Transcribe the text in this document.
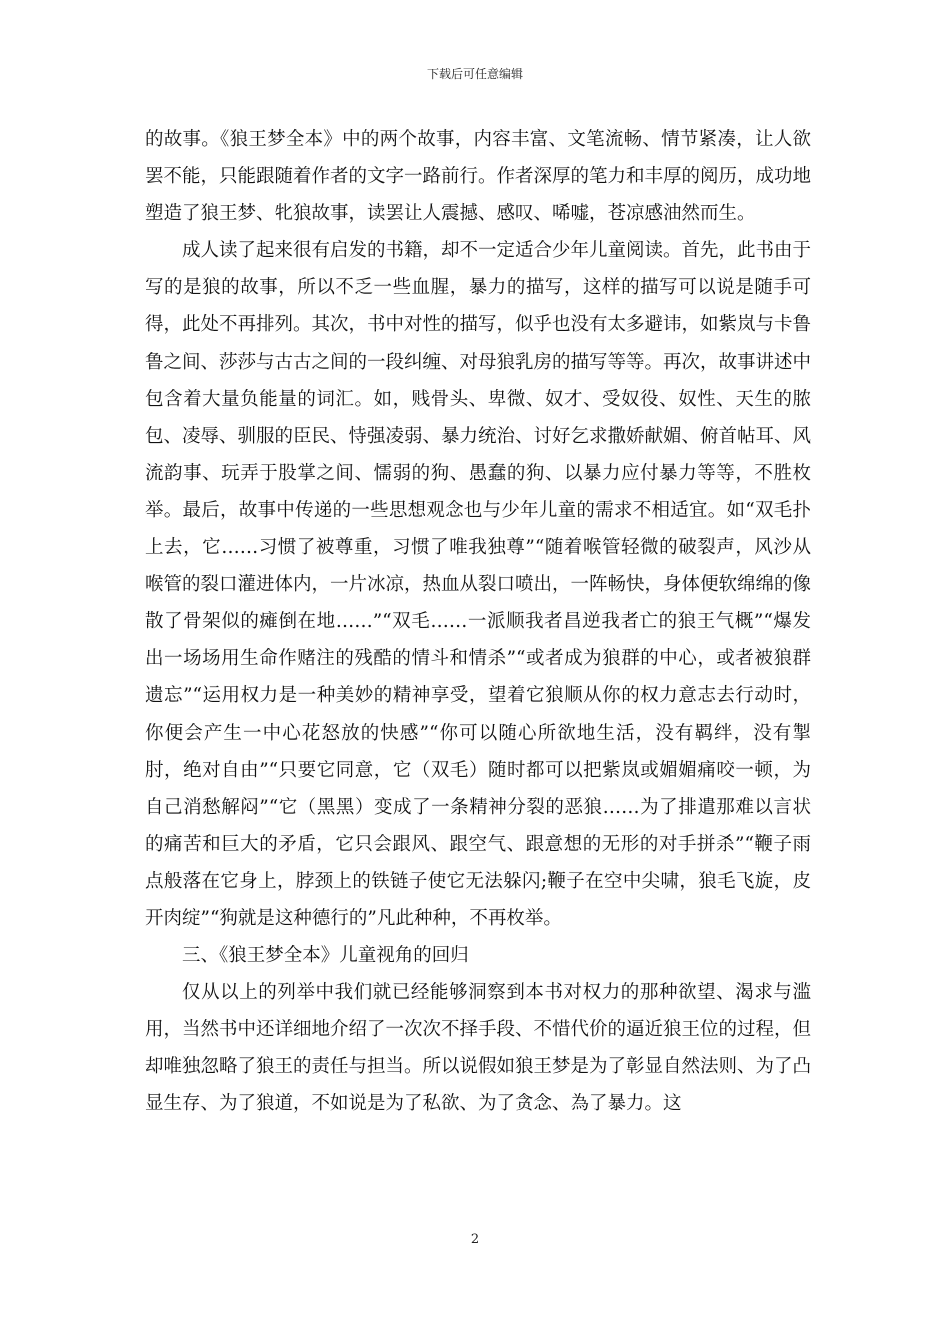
下载后可任意编辑

的故事。《狼王梦全本》中的两个故事，内容丰富、文笔流畅、情节紧凑，让人欲罢不能，只能跟随着作者的文字一路前行。作者深厚的笔力和丰厚的阅历，成功地塑造了狼王梦、牝狼故事，读罢让人震撼、感叹、唏嘘，苍凉感油然而生。

成人读了起来很有启发的书籍，却不一定适合少年儿童阅读。首先，此书由于写的是狼的故事，所以不乏一些血腥，暴力的描写，这样的描写可以说是随手可得，此处不再排列。其次，书中对性的描写，似乎也没有太多避讳，如紫岚与卡鲁鲁之间、莎莎与古古之间的一段纠缠、对母狼乳房的描写等等。再次，故事讲述中包含着大量负能量的词汇。如，贱骨头、卑微、奴才、受奴役、奴性、天生的脓包、凌辱、驯服的臣民、恃强凌弱、暴力统治、讨好乞求撒娇献媚、俯首帖耳、风流韵事、玩弄于股掌之间、懦弱的狗、愚蠢的狗、以暴力应付暴力等等，不胜枚举。最后，故事中传递的一些思想观念也与少年儿童的需求不相适宜。如“双毛扑上去，它……习惯了被尊重，习惯了唯我独尊”“随着喉管轻微的破裂声，风沙从喉管的裂口灌进体内，一片冰凉，热血从裂口喷出，一阵畅快，身体便软绵绵的像散了骨架似的瘫倒在地……”“双毛……一派顺我者昌逆我者亡的狼王气概”“爆发出一场场用生命作赌注的残酷的情斗和情杀”“或者成为狼群的中心，或者被狼群遗忘”“运用权力是一种美妙的精神享受，望着它狼顺从你的权力意志去行动时，你便会产生一中心花怒放的快感”“你可以随心所欲地生活，没有羁绊，没有掣肘，绝对自由”“只要它同意，它（双毛）随时都可以把紫岚或媚媚痛咬一顿，为自己消愁解闷”“它（黑黑）变成了一条精神分裂的恶狼……为了排遣那难以言状的痛苦和巨大的矛盾，它只会跟风、跟空气、跟意想的无形的对手拼杀”“鞭子雨点般落在它身上，脖颈上的铁链子使它无法躲闪;鞭子在空中尖啸，狼毛飞旋，皮开肉绽”“狗就是这种德行的”凡此种种，不再枚举。

三、《狼王梦全本》儿童视角的回归

仅从以上的列举中我们就已经能够洞察到本书对权力的那种欲望、渴求与滥用，当然书中还详细地介绍了一次次不择手段、不惜代价的逼近狼王位的过程，但却唯独忽略了狼王的责任与担当。所以说假如狼王梦是为了彰显自然法则、为了凸显生存、为了狼道，不如说是为了私欲、为了贪念、為了暴力。这

2
